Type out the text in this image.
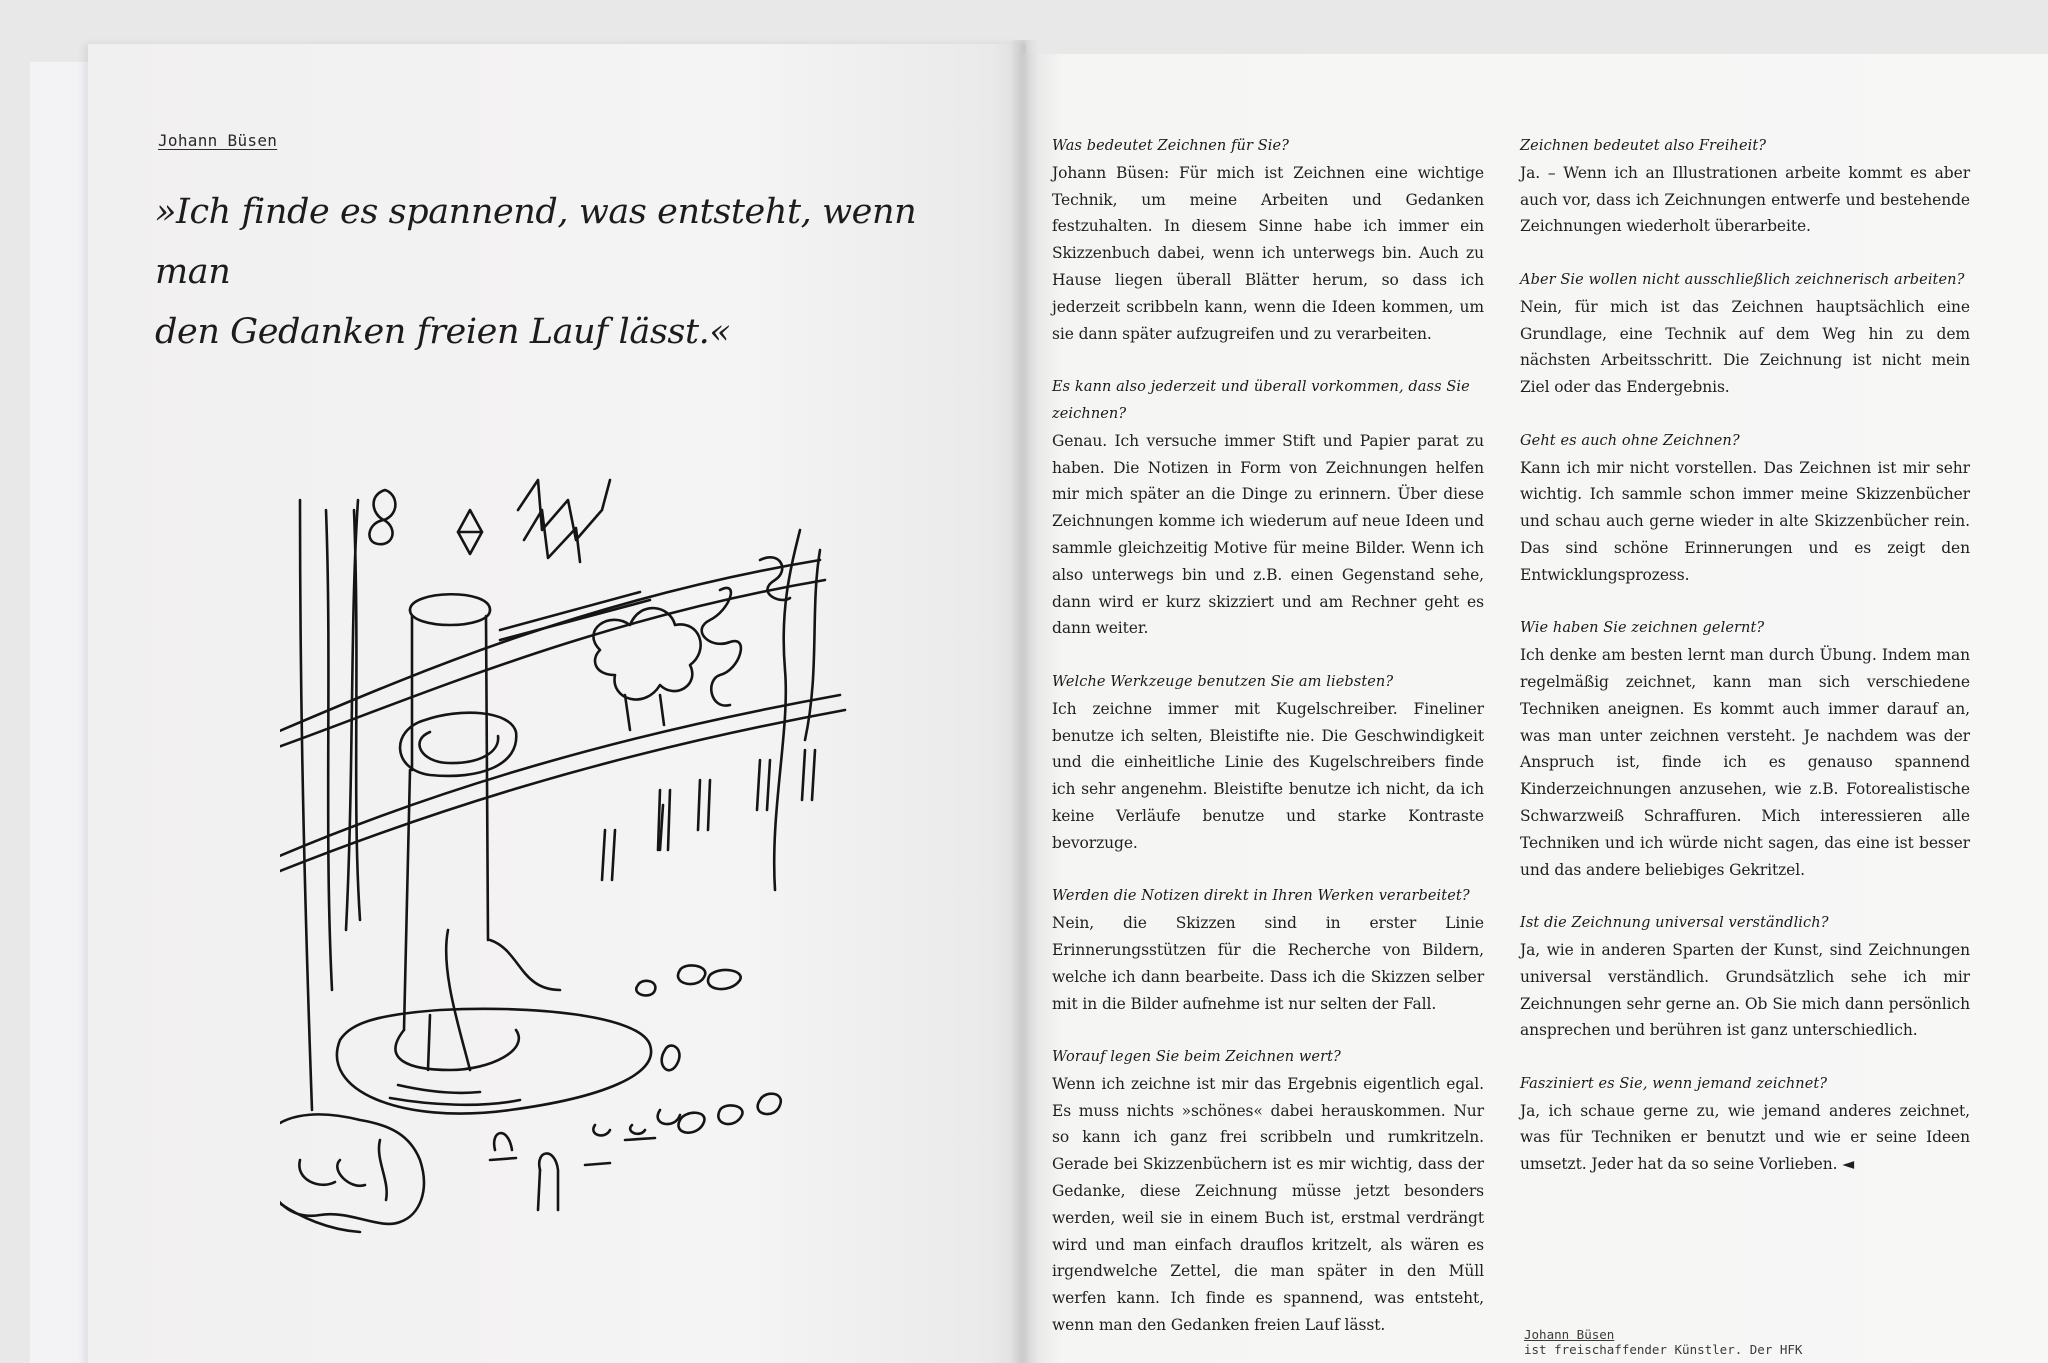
Johann Büsen
»Ich finde es spannend, was entsteht, wenn man
den Gedanken freien Lauf lässt.«

Was bedeutet Zeichnen für Sie?

Johann Büsen: Für mich ist Zeichnen eine wichtige Technik, um meine Arbeiten und Gedanken festzuhalten. In diesem Sinne habe ich immer ein Skizzenbuch dabei, wenn ich unterwegs bin. Auch zu Hause liegen überall Blätter herum, so dass ich jederzeit scribbeln kann, wenn die Ideen kommen, um sie dann später aufzugreifen und zu verarbeiten.

Es kann also jederzeit und überall vorkommen, dass Sie zeichnen?

Genau. Ich versuche immer Stift und Papier parat zu haben. Die Notizen in Form von Zeichnungen helfen mir mich später an die Dinge zu erinnern. Über diese Zeichnungen komme ich wiederum auf neue Ideen und sammle gleichzeitig Motive für meine Bilder. Wenn ich also unterwegs bin und z.B. einen Gegenstand sehe, dann wird er kurz skizziert und am Rechner geht es dann weiter.

Welche Werkzeuge benutzen Sie am liebsten?

Ich zeichne immer mit Kugelschreiber. Fineliner benutze ich selten, Bleistifte nie. Die Geschwindigkeit und die einheitliche Linie des Kugelschreibers finde ich sehr angenehm. Bleistifte benutze ich nicht, da ich keine Verläufe benutze und starke Kontraste bevorzuge.

Werden die Notizen direkt in Ihren Werken verarbeitet?

Nein, die Skizzen sind in erster Linie Erinnerungsstützen für die Recherche von Bildern, welche ich dann bearbeite. Dass ich die Skizzen selber mit in die Bilder aufnehme ist nur selten der Fall.

Worauf legen Sie beim Zeichnen wert?

Wenn ich zeichne ist mir das Ergebnis eigentlich egal. Es muss nichts »schönes« dabei herauskommen. Nur so kann ich ganz frei scribbeln und rumkritzeln. Gerade bei Skizzenbüchern ist es mir wichtig, dass der Gedanke, diese Zeichnung müsse jetzt besonders werden, weil sie in einem Buch ist, erstmal verdrängt wird und man einfach drauflos kritzelt, als wären es irgendwelche Zettel, die man später in den Müll werfen kann. Ich finde es spannend, was entsteht, wenn man den Gedanken freien Lauf lässt.

Zeichnen bedeutet also Freiheit?

Ja. – Wenn ich an Illustrationen arbeite kommt es aber auch vor, dass ich Zeichnungen entwerfe und bestehende Zeichnungen wiederholt überarbeite.

Aber Sie wollen nicht ausschließlich zeichnerisch arbeiten?

Nein, für mich ist das Zeichnen hauptsächlich eine Grundlage, eine Technik auf dem Weg hin zu dem nächsten Arbeitsschritt. Die Zeichnung ist nicht mein Ziel oder das Endergebnis.

Geht es auch ohne Zeichnen?

Kann ich mir nicht vorstellen. Das Zeichnen ist mir sehr wichtig. Ich sammle schon immer meine Skizzenbücher und schau auch gerne wieder in alte Skizzenbücher rein. Das sind schöne Erinnerungen und es zeigt den Entwicklungsprozess.

Wie haben Sie zeichnen gelernt?

Ich denke am besten lernt man durch Übung. Indem man regelmäßig zeichnet, kann man sich verschiedene Techniken aneignen. Es kommt auch immer darauf an, was man unter zeichnen versteht. Je nachdem was der Anspruch ist, finde ich es genauso spannend Kinderzeichnungen anzusehen, wie z.B. Fotorealistische Schwarzweiß Schraffuren. Mich interessieren alle Techniken und ich würde nicht sagen, das eine ist besser und das andere beliebiges Gekritzel.

Ist die Zeichnung universal verständlich?

Ja, wie in anderen Sparten der Kunst, sind Zeichnungen universal verständlich. Grundsätzlich sehe ich mir Zeichnungen sehr gerne an. Ob Sie mich dann persönlich ansprechen und berühren ist ganz unterschiedlich.

Fasziniert es Sie, wenn jemand zeichnet?

Ja, ich schaue gerne zu, wie jemand anderes zeichnet, was für Techniken er benutzt und wie er seine Ideen umsetzt. Jeder hat da so seine Vorlieben. ◄

Johann Büsen
ist freischaffender Künstler. Der HFK
